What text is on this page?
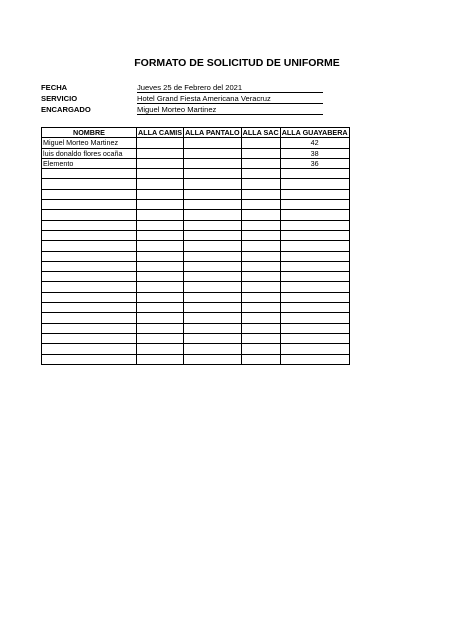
FORMATO DE SOLICITUD DE UNIFORME
FECHA	Jueves 25 de Febrero del 2021
SERVICIO	Hotel Grand Fiesta Americana Veracruz
ENCARGADO	Miguel Morteo Martinez
NOMBRE	ALLA CAMIS	ALLA PANTALO	ALLA SAC	ALLA GUAYABERA
Miguel Morteo Martinez				42
luis donaldo flores ocaña				38
Elemento				36
